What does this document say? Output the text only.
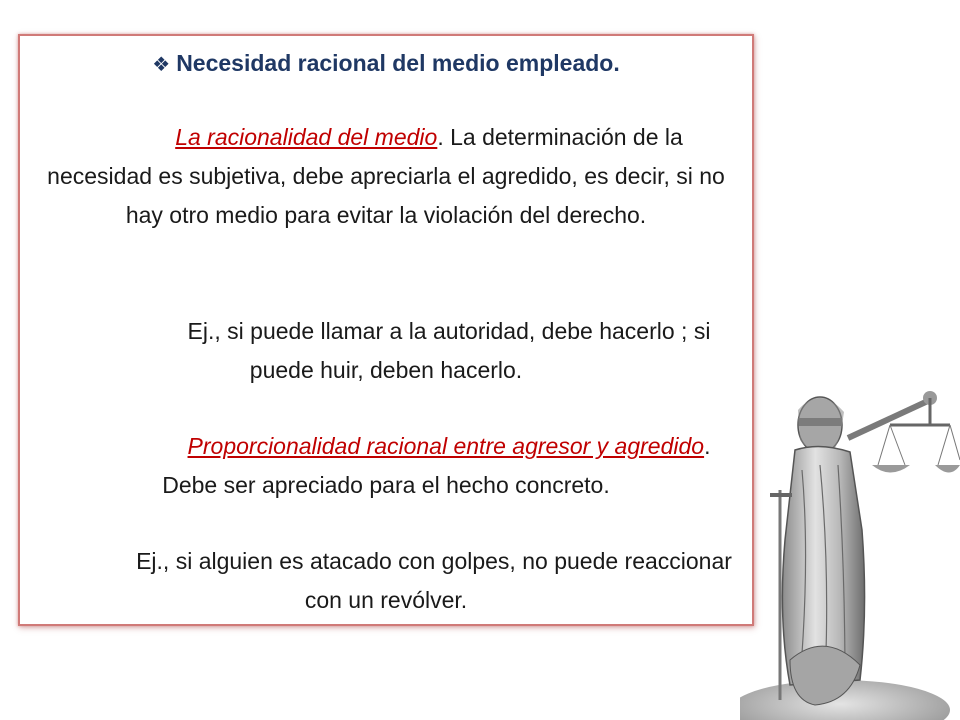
❖ Necesidad racional del medio empleado.
La racionalidad del medio. La determinación de la necesidad es subjetiva, debe apreciarla el agredido, es decir, si no hay otro medio para evitar la violación del derecho.
Ej., si puede llamar a la autoridad, debe hacerlo ; si puede huir, deben hacerlo.
Proporcionalidad racional entre agresor y agredido. Debe ser apreciado para el hecho concreto.
Ej., si alguien es atacado con golpes, no puede reaccionar con un revólver.
